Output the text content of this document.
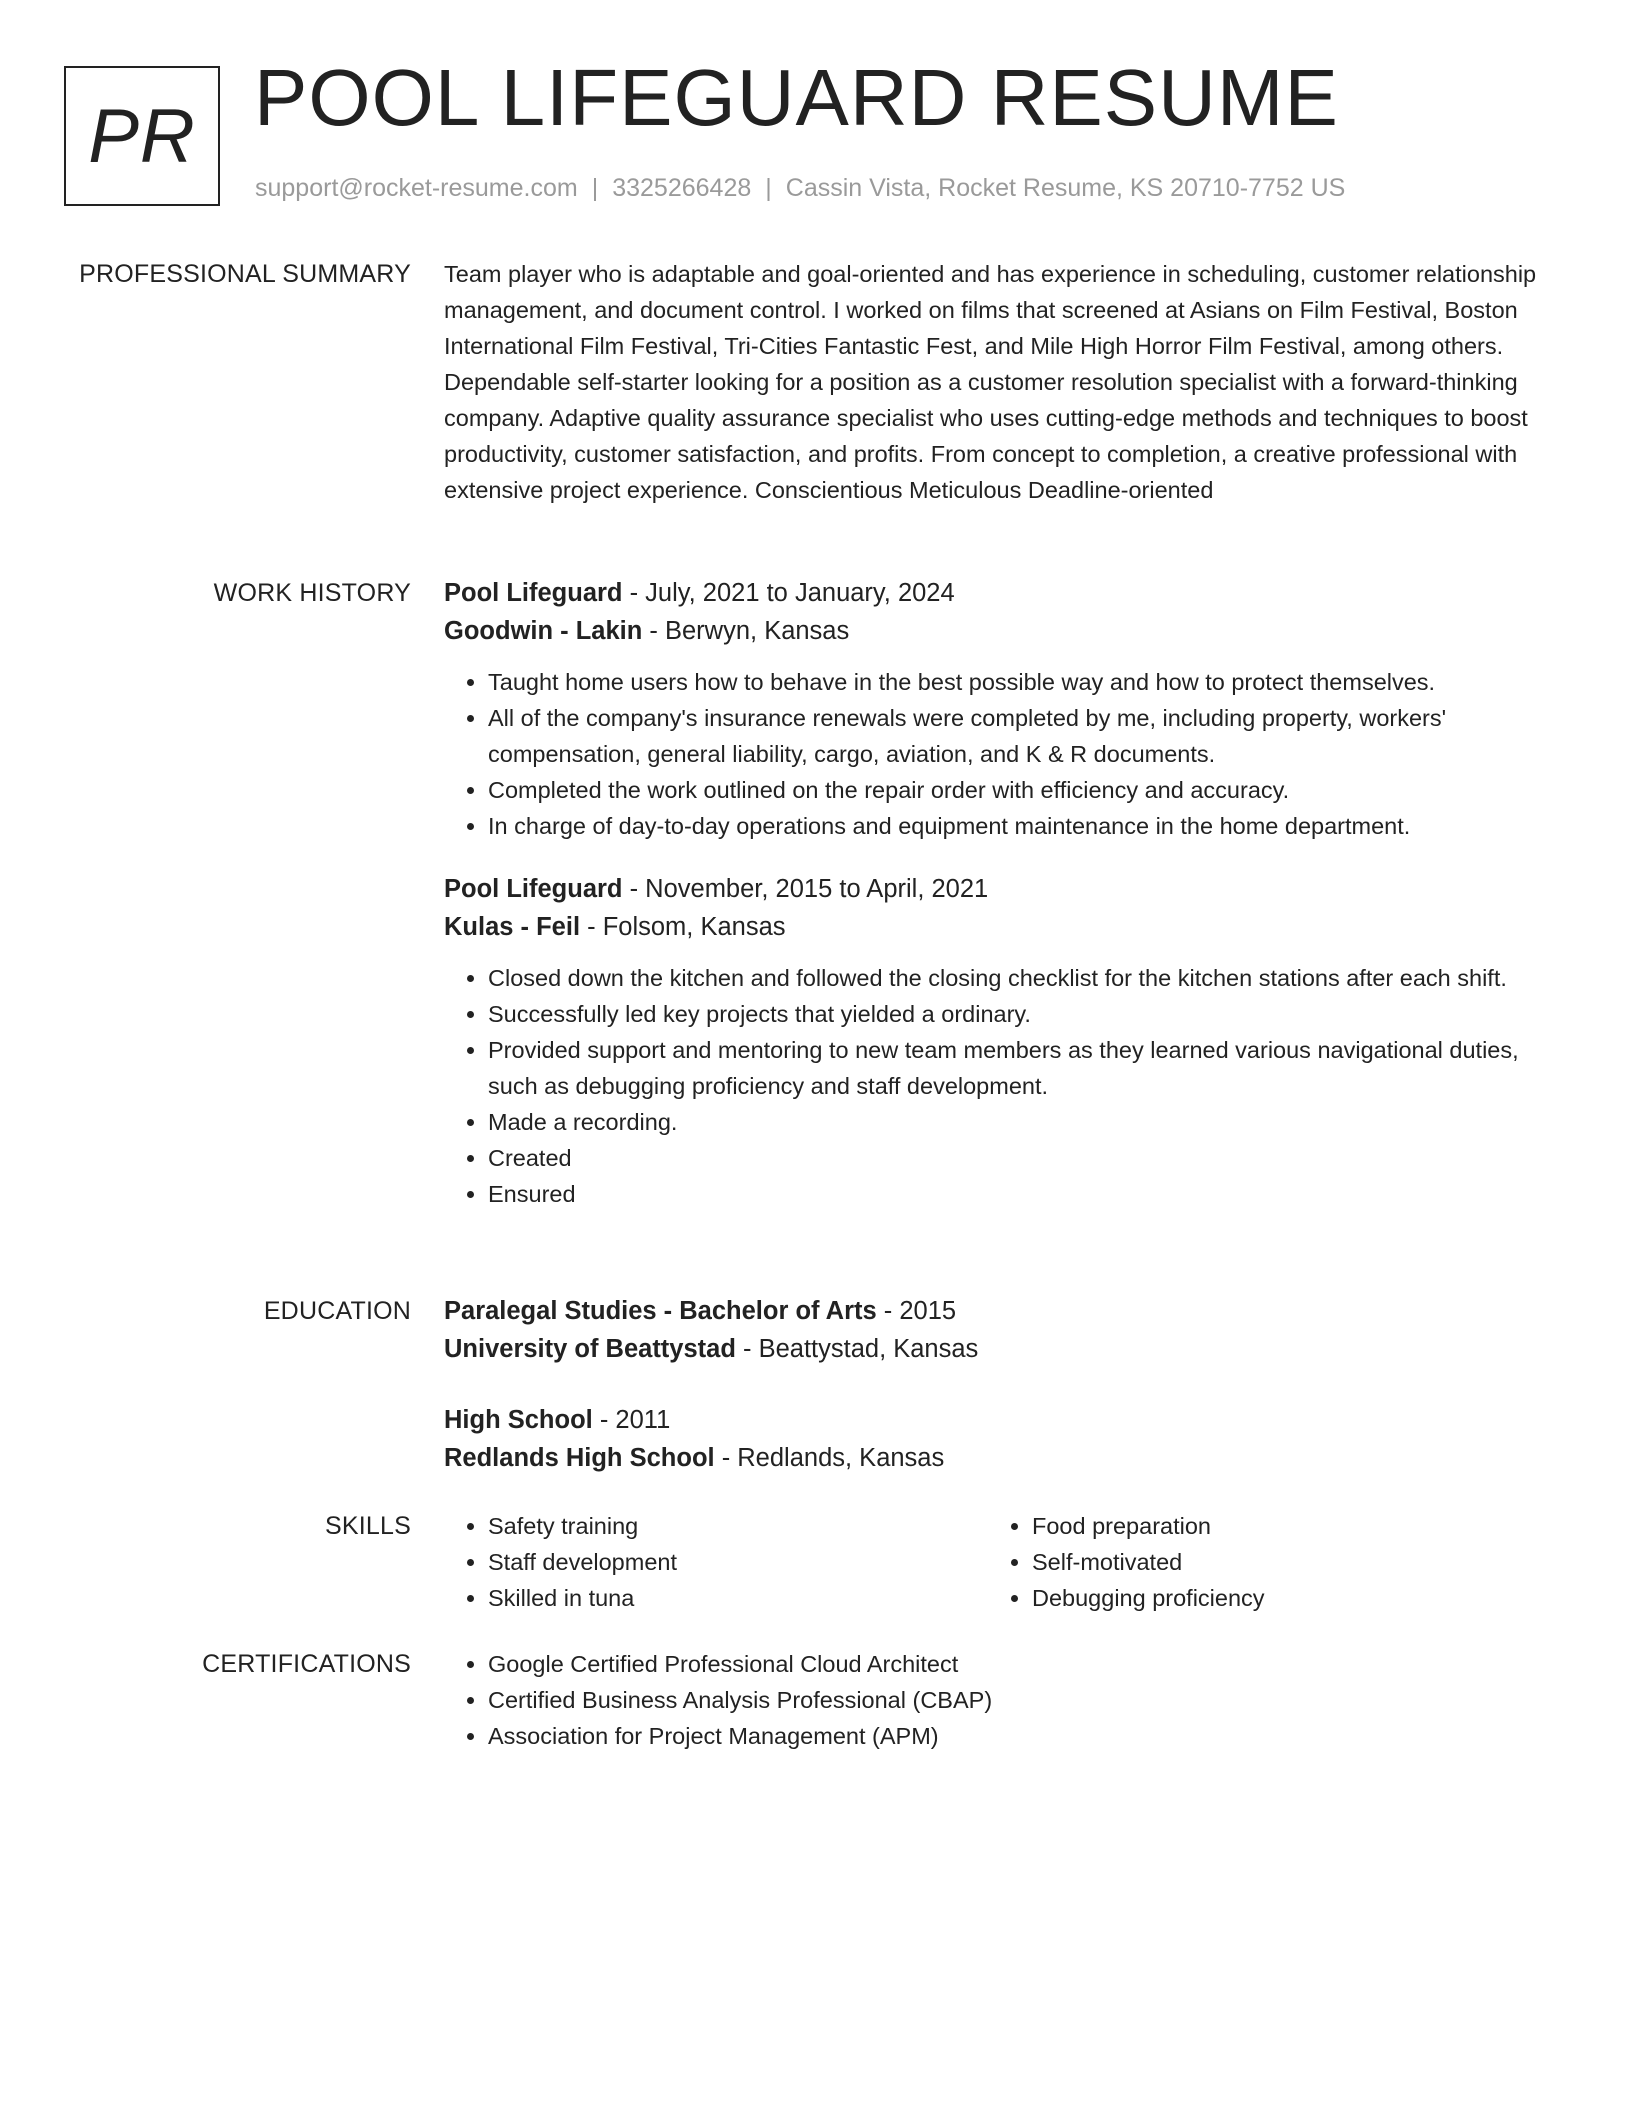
PR POOL LIFEGUARD RESUME
support@rocket-resume.com | 3325266428 | Cassin Vista, Rocket Resume, KS 20710-7752 US
PROFESSIONAL SUMMARY Team player who is adaptable and goal-oriented and has experience in scheduling, customer relationship management, and document control. I worked on films that screened at Asians on Film Festival, Boston International Film Festival, Tri-Cities Fantastic Fest, and Mile High Horror Film Festival, among others. Dependable self-starter looking for a position as a customer resolution specialist with a forward-thinking company. Adaptive quality assurance specialist who uses cutting-edge methods and techniques to boost productivity, customer satisfaction, and profits. From concept to completion, a creative professional with extensive project experience. Conscientious Meticulous Deadline-oriented

WORK HISTORY Pool Lifeguard - July, 2021 to January, 2024
Goodwin - Lakin - Berwyn, Kansas
• Taught home users how to behave in the best possible way and how to protect themselves.
• All of the company's insurance renewals were completed by me, including property, workers' compensation, general liability, cargo, aviation, and K & R documents.
• Completed the work outlined on the repair order with efficiency and accuracy.
• In charge of day-to-day operations and equipment maintenance in the home department.
Pool Lifeguard - November, 2015 to April, 2021
Kulas - Feil - Folsom, Kansas
• Closed down the kitchen and followed the closing checklist for the kitchen stations after each shift.
• Successfully led key projects that yielded a ordinary.
• Provided support and mentoring to new team members as they learned various navigational duties, such as debugging proficiency and staff development.
• Made a recording.
• Created
• Ensured
EDUCATION Paralegal Studies - Bachelor of Arts - 2015
University of Beattystad - Beattystad, Kansas
High School - 2011
Redlands High School - Redlands, Kansas
SKILLS	• Safety training
• Staff development
• Skilled in tuna
• Food preparation
• Self-motivated
• Debugging proficiency
CERTIFICATIONS	• Google Certified Professional Cloud Architect
• Certified Business Analysis Professional (CBAP)
• Association for Project Management (APM)
